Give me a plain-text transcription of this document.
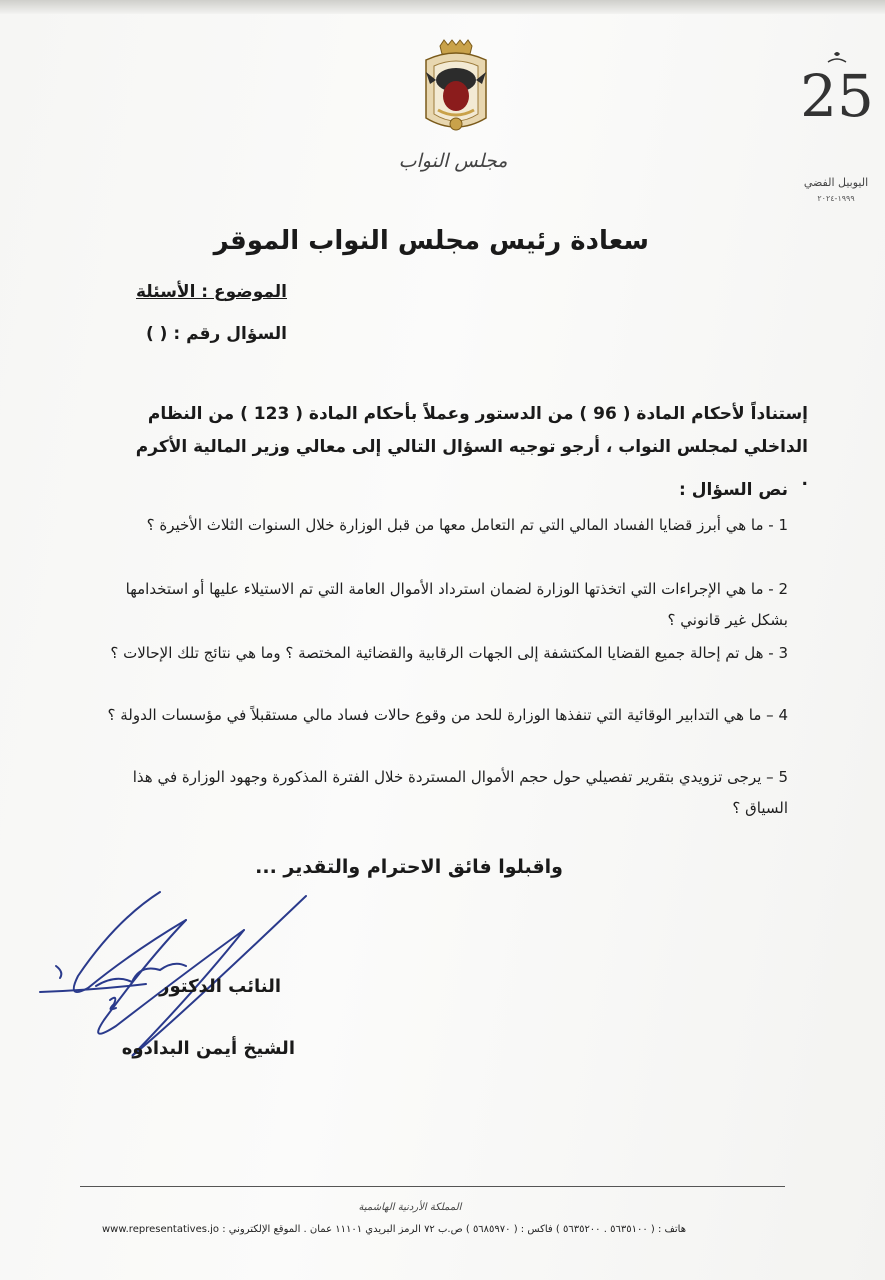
مجلس النواب
25
اليوبيل الفضي
١٩٩٩-٢٠٢٤
سعادة رئيس مجلس النواب الموقر
الموضوع : الأسئلة
السؤال رقم : ( )
إستناداً لأحكام المادة ( 96 ) من الدستور وعملاً بأحكام المادة ( 123 ) من النظام الداخلي لمجلس النواب ، أرجو توجيه السؤال التالي إلى معالي وزير المالية الأكرم .
نص السؤال :
1 - ما هي أبرز قضايا الفساد المالي التي تم التعامل معها من قبل الوزارة خلال السنوات الثلاث الأخيرة ؟
2 - ما هي الإجراءات التي اتخذتها الوزارة لضمان استرداد الأموال العامة التي تم الاستيلاء عليها أو استخدامها بشكل غير قانوني ؟
3 - هل تم إحالة جميع القضايا المكتشفة إلى الجهات الرقابية والقضائية المختصة ؟ وما هي نتائج تلك الإحالات ؟
4 – ما هي التدابير الوقائية التي تنفذها الوزارة للحد من وقوع حالات فساد مالي مستقبلاً في مؤسسات الدولة ؟
5 – يرجى تزويدي بتقرير تفصيلي حول حجم الأموال المستردة خلال الفترة المذكورة وجهود الوزارة في هذا السياق ؟
واقبلوا فائق الاحترام والتقدير ...
النائب الدكتور
الشيخ أيمن البدادوه
المملكة الأردنية الهاشمية
هاتف : ( ٥٦٣٥١٠٠ . ٥٦٣٥٢٠٠ ) فاكس : ( ٥٦٨٥٩٧٠ ) ص.ب ٧٢ الرمز البريدي ١١١٠١ عمان . الموقع الإلكتروني : www.representatives.jo
